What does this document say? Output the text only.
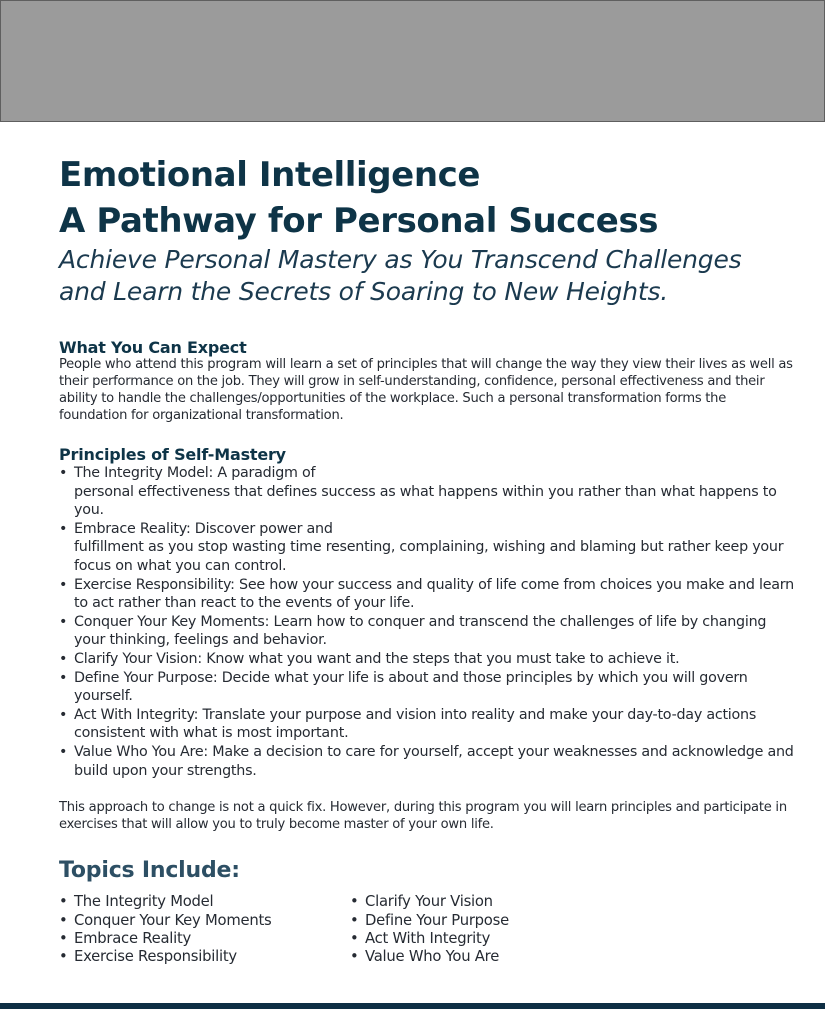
Emotional Intelligence
A Pathway for Personal Success

Achieve Personal Mastery as You Transcend Challenges and Learn the Secrets of Soaring to New Heights.

What You Can Expect

People who attend this program will learn a set of principles that will change the way they view their lives as well as their performance on the job. They will grow in self-understanding, confidence, personal effectiveness and their ability to handle the challenges/opportunities of the workplace. Such a personal transformation forms the foundation for organizational transformation.

Principles of Self-Mastery
• The Integrity Model: A paradigm of
personal effectiveness that defines success as what happens within you rather than what happens to you.
• Embrace Reality: Discover power and
fulfillment as you stop wasting time resenting, complaining, wishing and blaming but rather keep your focus on what you can control.
• Exercise Responsibility: See how your success and quality of life come from choices you make and learn to act rather than react to the events of your life.
• Conquer Your Key Moments: Learn how to conquer and transcend the challenges of life by changing your thinking, feelings and behavior.
• Clarify Your Vision: Know what you want and the steps that you must take to achieve it.
• Define Your Purpose: Decide what your life is about and those principles by which you will govern yourself.
• Act With Integrity: Translate your purpose and vision into reality and make your day-to-day actions consistent with what is most important.
• Value Who You Are: Make a decision to care for yourself, accept your weaknesses and acknowledge and build upon your strengths.

This approach to change is not a quick fix. However, during this program you will learn principles and participate in exercises that will allow you to truly become master of your own life.

Topics Include:
• The Integrity Model
• Conquer Your Key Moments
• Embrace Reality
• Exercise Responsibility
• Clarify Your Vision
• Define Your Purpose
• Act With Integrity
• Value Who You Are
